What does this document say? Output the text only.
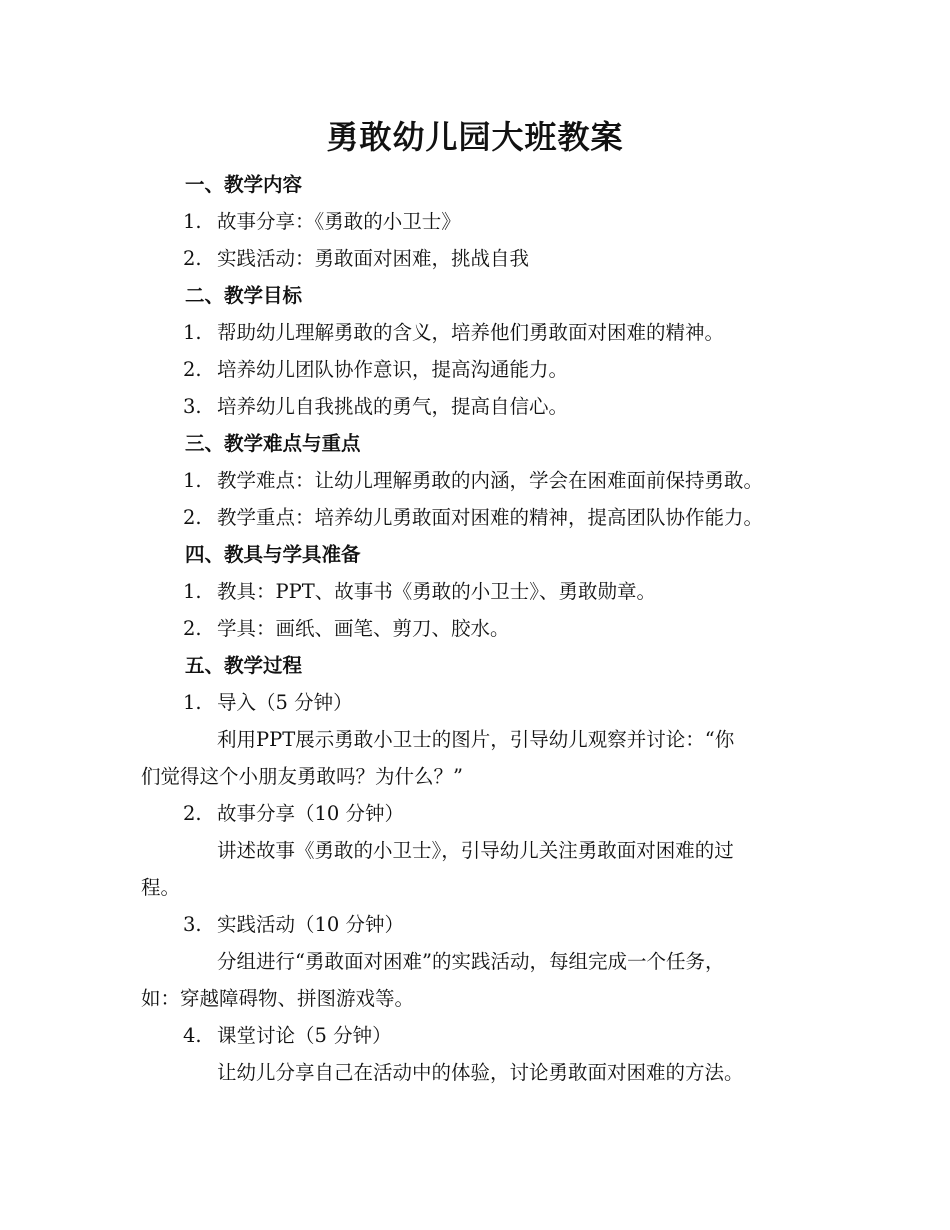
勇敢幼儿园大班教案
一、教学内容
1. 故事分享：《勇敢的小卫士》
2. 实践活动：勇敢面对困难，挑战自我
二、教学目标
1. 帮助幼儿理解勇敢的含义，培养他们勇敢面对困难的精神。
2. 培养幼儿团队协作意识，提高沟通能力。
3. 培养幼儿自我挑战的勇气，提高自信心。
三、教学难点与重点
1. 教学难点：让幼儿理解勇敢的内涵，学会在困难面前保持勇敢。
2. 教学重点：培养幼儿勇敢面对困难的精神，提高团队协作能力。
四、教具与学具准备
1. 教具：PPT、故事书《勇敢的小卫士》、勇敢勋章。
2. 学具：画纸、画笔、剪刀、胶水。
五、教学过程
1. 导入（5 分钟）
利用PPT展示勇敢小卫士的图片，引导幼儿观察并讨论：“你
们觉得这个小朋友勇敢吗？为什么？”
2. 故事分享（10 分钟）
讲述故事《勇敢的小卫士》，引导幼儿关注勇敢面对困难的过
程。
3. 实践活动（10 分钟）
分组进行“勇敢面对困难”的实践活动，每组完成一个任务，
如：穿越障碍物、拼图游戏等。
4. 课堂讨论（5 分钟）
让幼儿分享自己在活动中的体验，讨论勇敢面对困难的方法。
